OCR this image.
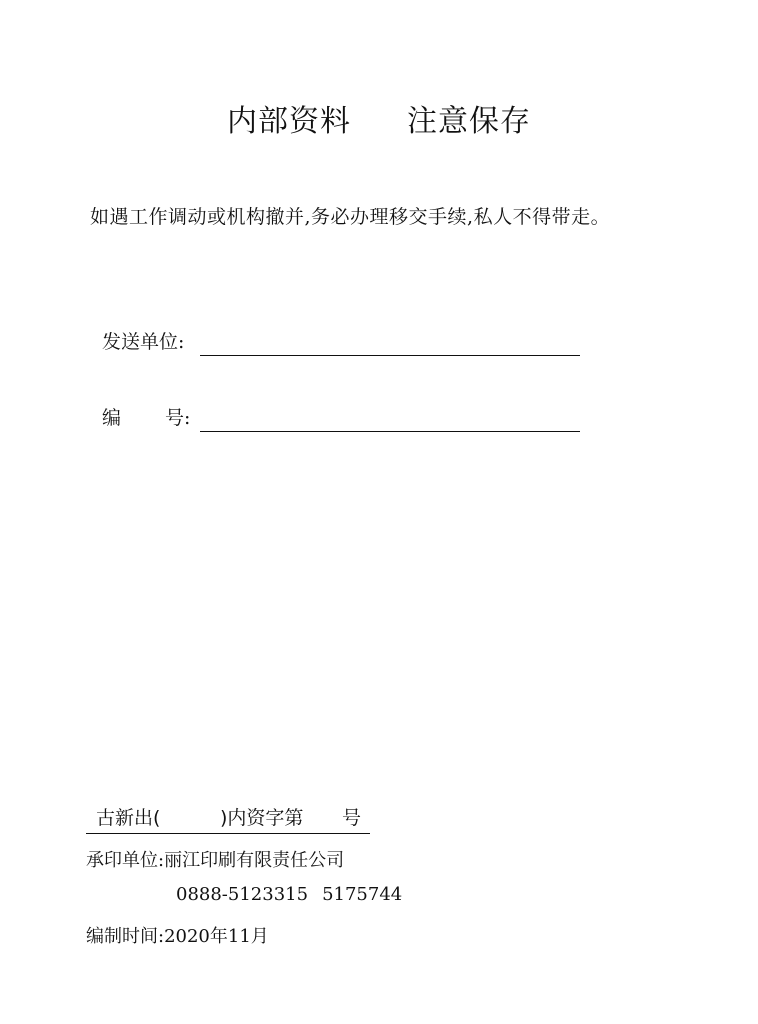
内部资料 注意保存
如遇工作调动或机构撤并,务必办理移交手续,私人不得带走。
发送单位:
编 号:
古新出(	)内资字第 号
承印单位:丽江印刷有限责任公司
0888-5123315 5175744
编制时间:2020年11月
